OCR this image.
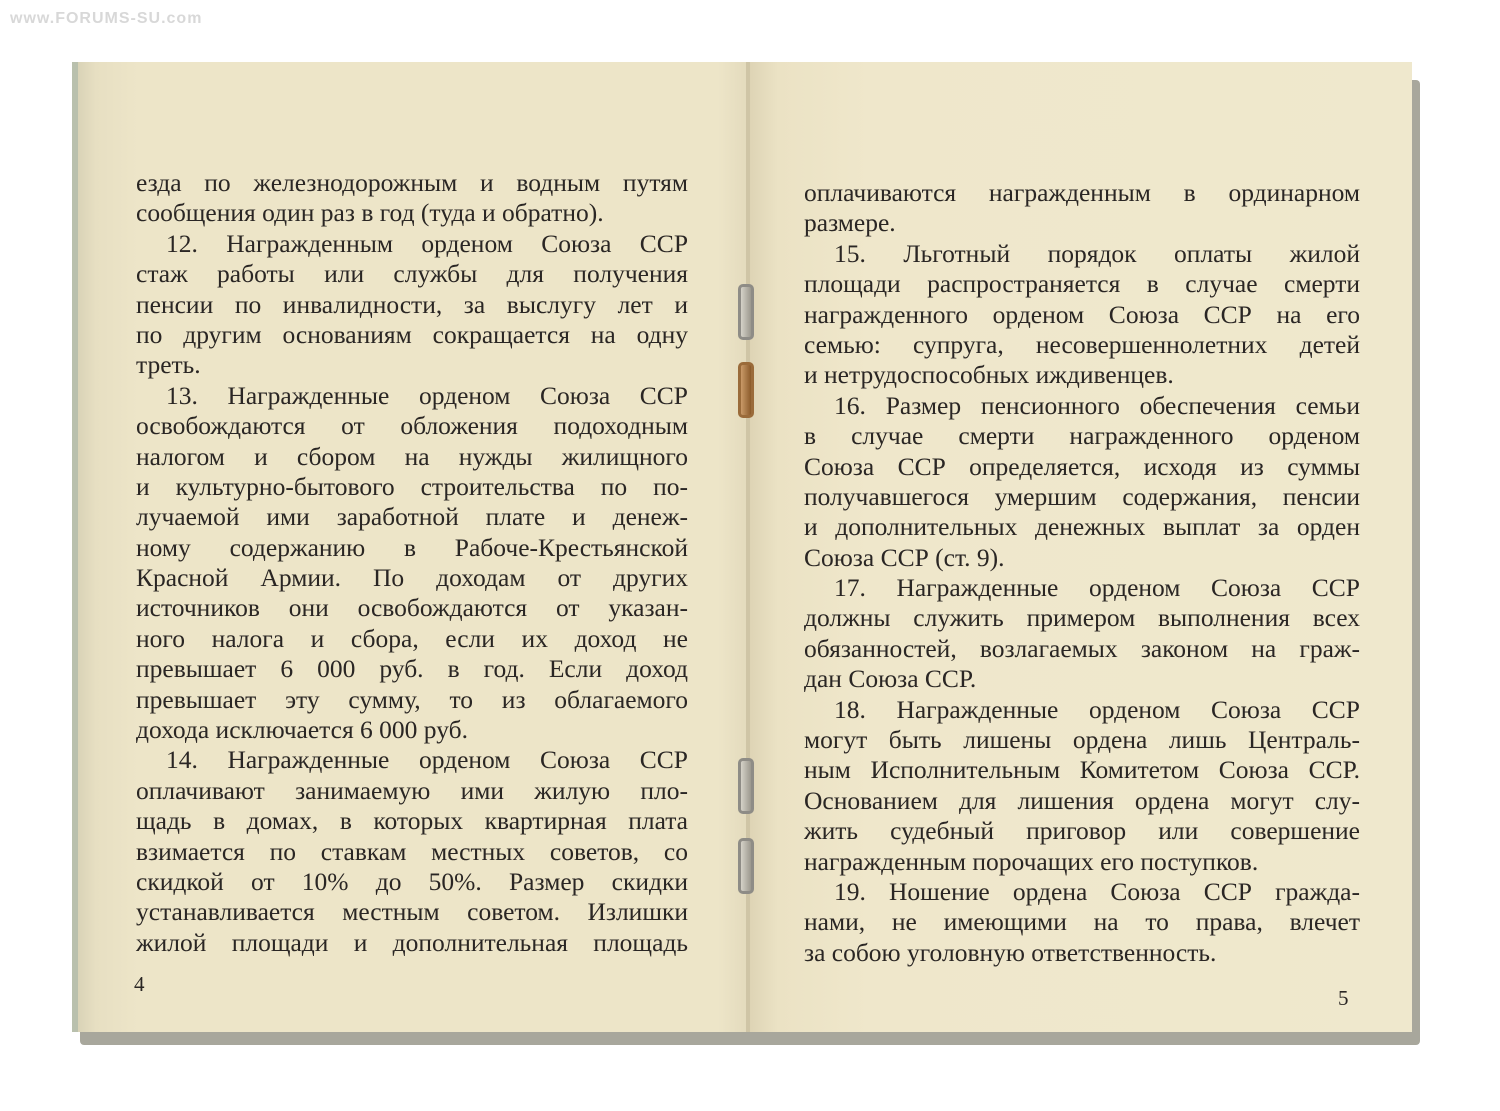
www.FORUMS-SU.com
езда по железнодорожным и водным путям
сообщения один раз в год (туда и обратно).
12. Награжденным орденом Союза ССР
стаж работы или службы для получения
пенсии по инвалидности, за выслугу лет и
по другим основаниям сокращается на одну
треть.
13. Награжденные орденом Союза ССР
освобождаются от обложения подоходным
налогом и сбором на нужды жилищного
и культурно-бытового строительства по по-
лучаемой ими заработной плате и денеж-
ному содержанию в Рабоче-Крестьянской
Красной Армии. По доходам от других
источников они освобождаются от указан-
ного налога и сбора, если их доход не
превышает 6 000 руб. в год. Если доход
превышает эту сумму, то из облагаемого
дохода исключается 6 000 руб.
14. Награжденные орденом Союза ССР
оплачивают занимаемую ими жилую пло-
щадь в домах, в которых квартирная плата
взимается по ставкам местных советов, со
скидкой от 10% до 50%. Размер скидки
устанавливается местным советом. Излишки
жилой площади и дополнительная площадь
4
оплачиваются награжденным в ординарном
размере.
15. Льготный порядок оплаты жилой
площади распространяется в случае смерти
награжденного орденом Союза ССР на его
семью: супруга, несовершеннолетних детей
и нетрудоспособных иждивенцев.
16. Размер пенсионного обеспечения семьи
в случае смерти награжденного орденом
Союза ССР определяется, исходя из суммы
получавшегося умершим содержания, пенсии
и дополнительных денежных выплат за орден
Союза ССР (ст. 9).
17. Награжденные орденом Союза ССР
должны служить примером выполнения всех
обязанностей, возлагаемых законом на граж-
дан Союза ССР.
18. Награжденные орденом Союза ССР
могут быть лишены ордена лишь Централь-
ным Исполнительным Комитетом Союза ССР.
Основанием для лишения ордена могут слу-
жить судебный приговор или совершение
награжденным порочащих его поступков.
19. Ношение ордена Союза ССР гражда-
нами, не имеющими на то права, влечет
за собою уголовную ответственность.
5
